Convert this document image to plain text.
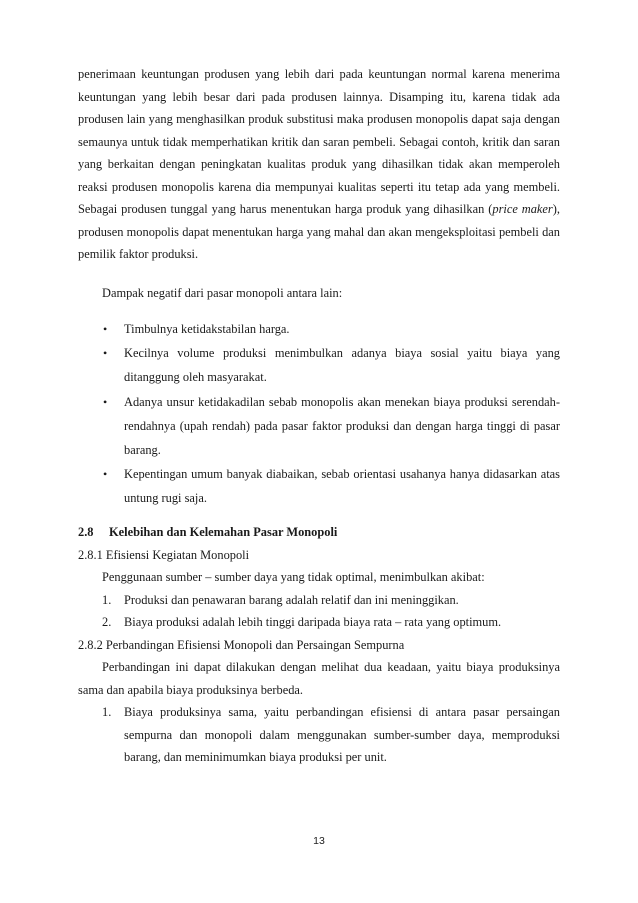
penerimaan keuntungan produsen yang lebih dari pada keuntungan normal karena menerima keuntungan yang lebih besar dari pada produsen lainnya. Disamping itu, karena tidak ada produsen lain yang menghasilkan produk substitusi maka produsen monopolis dapat saja dengan semaunya untuk tidak memperhatikan kritik dan saran pembeli. Sebagai contoh, kritik dan saran yang berkaitan dengan peningkatan kualitas produk yang dihasilkan tidak akan memperoleh reaksi produsen monopolis karena dia mempunyai kualitas seperti itu tetap ada yang membeli. Sebagai produsen tunggal yang harus menentukan harga produk yang dihasilkan (price maker), produsen monopolis dapat menentukan harga yang mahal dan akan mengeksploitasi pembeli dan pemilik faktor produksi.

Dampak negatif dari pasar monopoli antara lain:

• Timbulnya ketidakstabilan harga.
• Kecilnya volume produksi menimbulkan adanya biaya sosial yaitu biaya yang ditanggung oleh masyarakat.
• Adanya unsur ketidakadilan sebab monopolis akan menekan biaya produksi serendah-rendahnya (upah rendah) pada pasar faktor produksi dan dengan harga tinggi di pasar barang.
• Kepentingan umum banyak diabaikan, sebab orientasi usahanya hanya didasarkan atas untung rugi saja.
2.8	Kelebihan dan Kelemahan Pasar Monopoli

2.8.1 Efisiensi Kegiatan Monopoli

Penggunaan sumber – sumber daya yang tidak optimal, menimbulkan akibat:

1. Produksi dan penawaran barang adalah relatif dan ini meninggikan.
2. Biaya produksi adalah lebih tinggi daripada biaya rata – rata yang optimum.

2.8.2 Perbandingan Efisiensi Monopoli dan Persaingan Sempurna

Perbandingan ini dapat dilakukan dengan melihat dua keadaan, yaitu biaya produksinya sama dan apabila biaya produksinya berbeda.

1. Biaya produksinya sama, yaitu perbandingan efisiensi di antara pasar persaingan sempurna dan monopoli dalam menggunakan sumber-sumber daya, memproduksi barang, dan meminimumkan biaya produksi per unit.
13
